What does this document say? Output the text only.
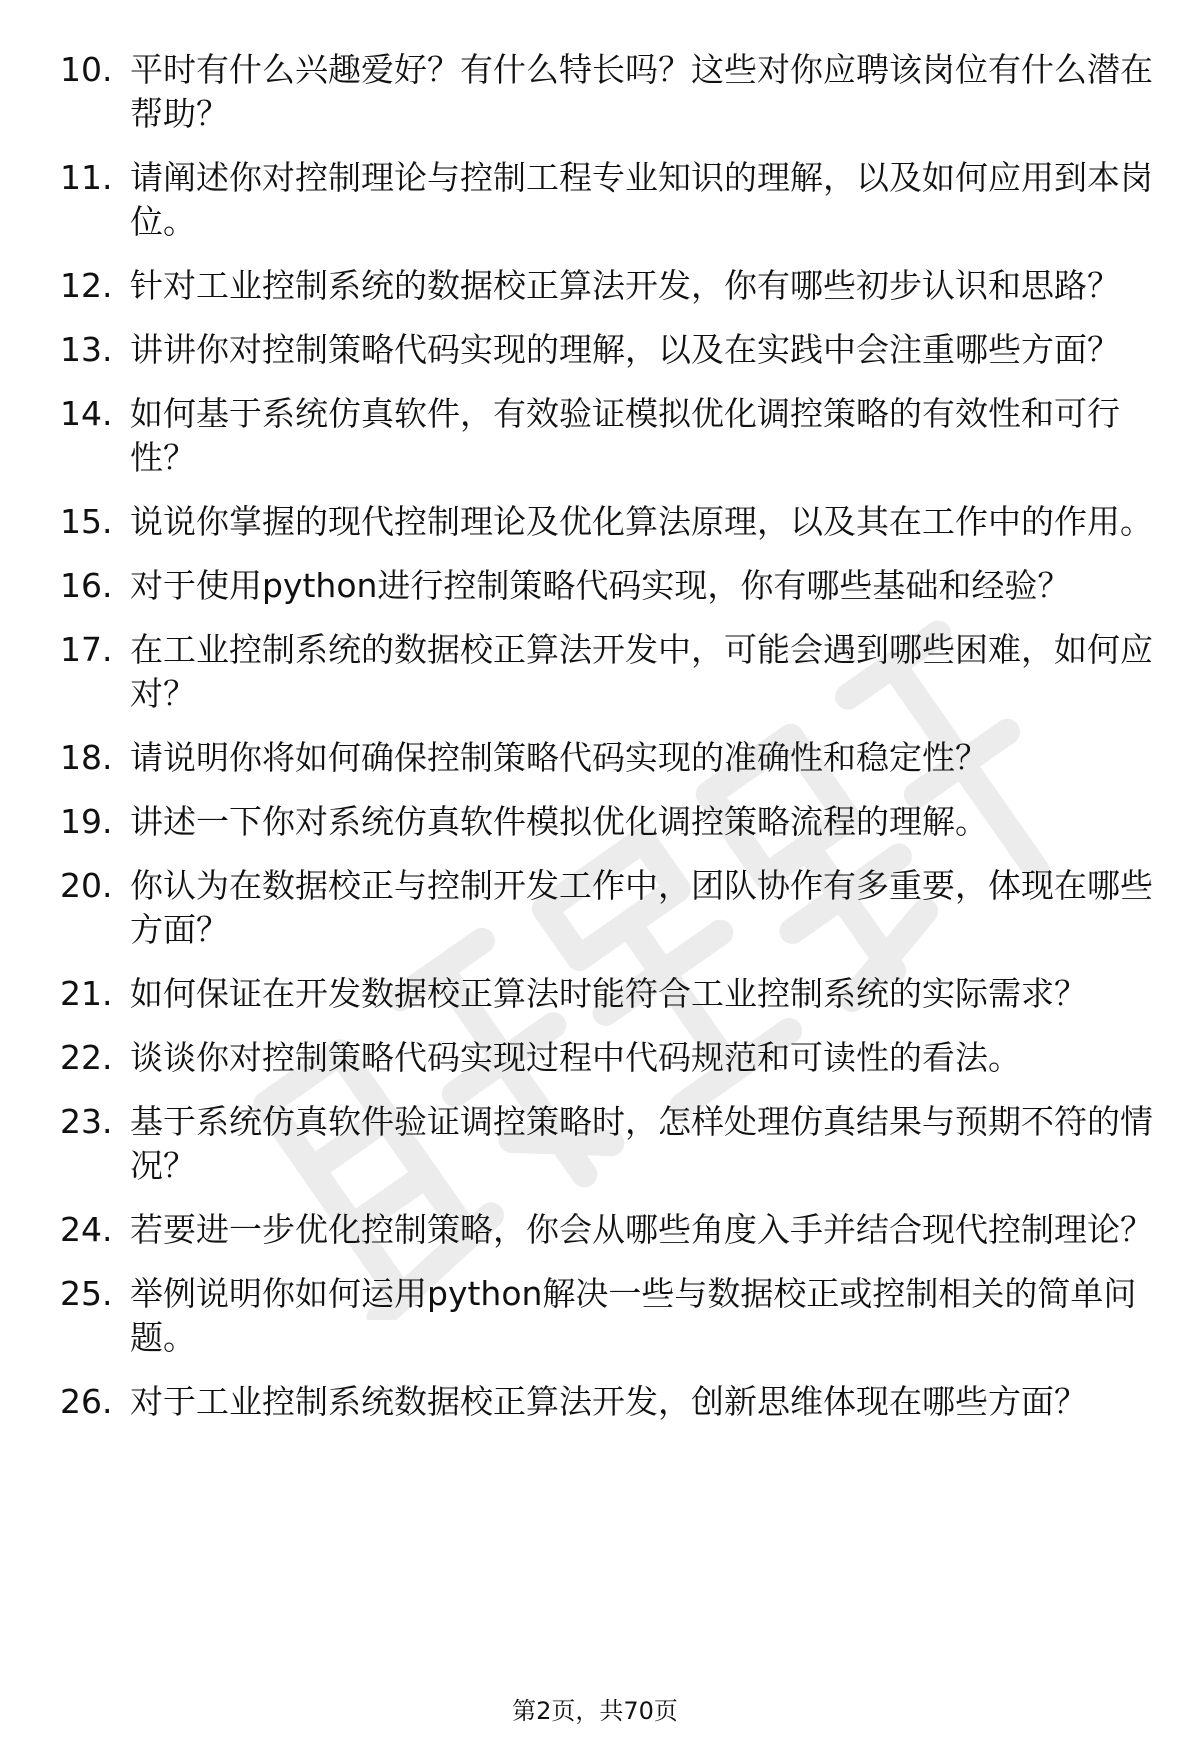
10. 平时有什么兴趣爱好？有什么特长吗？这些对你应聘该岗位有什么潜在帮助？
11. 请阐述你对控制理论与控制工程专业知识的理解，以及如何应用到本岗位。
12. 针对工业控制系统的数据校正算法开发，你有哪些初步认识和思路？
13. 讲讲你对控制策略代码实现的理解，以及在实践中会注重哪些方面？
14. 如何基于系统仿真软件，有效验证模拟优化调控策略的有效性和可行性？
15. 说说你掌握的现代控制理论及优化算法原理，以及其在工作中的作用。
16. 对于使用python进行控制策略代码实现，你有哪些基础和经验？
17. 在工业控制系统的数据校正算法开发中，可能会遇到哪些困难，如何应对？
18. 请说明你将如何确保控制策略代码实现的准确性和稳定性？
19. 讲述一下你对系统仿真软件模拟优化调控策略流程的理解。
20. 你认为在数据校正与控制开发工作中，团队协作有多重要，体现在哪些方面？
21. 如何保证在开发数据校正算法时能符合工业控制系统的实际需求？
22. 谈谈你对控制策略代码实现过程中代码规范和可读性的看法。
23. 基于系统仿真软件验证调控策略时，怎样处理仿真结果与预期不符的情况？
24. 若要进一步优化控制策略，你会从哪些角度入手并结合现代控制理论？
25. 举例说明你如何运用python解决一些与数据校正或控制相关的简单问题。
26. 对于工业控制系统数据校正算法开发，创新思维体现在哪些方面？
第2页，共70页
